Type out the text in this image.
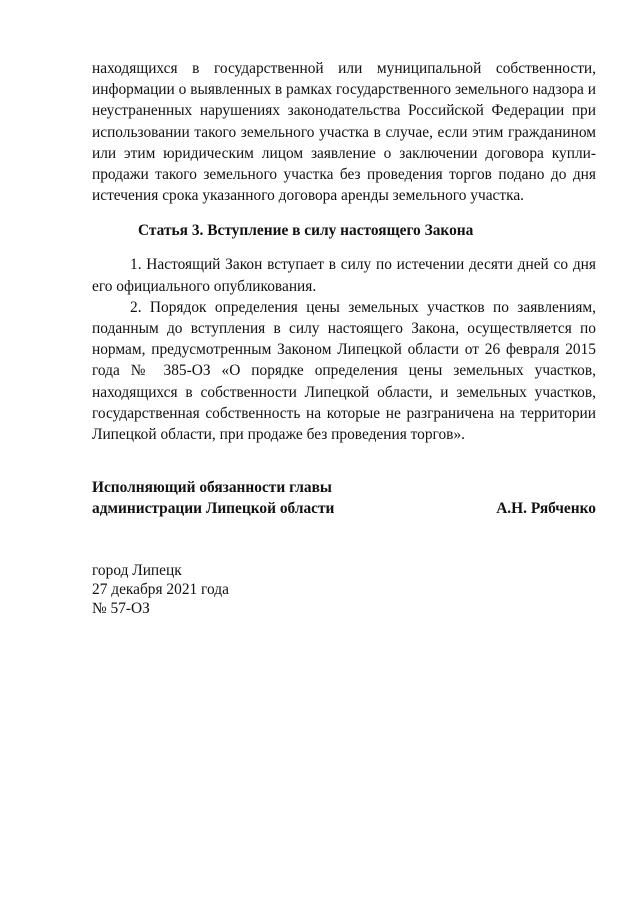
находящихся в государственной или муниципальной собственности, информации о выявленных в рамках государственного земельного надзора и неустраненных нарушениях законодательства Российской Федерации при использовании такого земельного участка в случае, если этим гражданином или этим юридическим лицом заявление о заключении договора купли-продажи такого земельного участка без проведения торгов подано до дня истечения срока указанного договора аренды земельного участка.

Статья 3. Вступление в силу настоящего Закона

1. Настоящий Закон вступает в силу по истечении десяти дней со дня его официального опубликования.

2. Порядок определения цены земельных участков по заявлениям, поданным до вступления в силу настоящего Закона, осуществляется по нормам, предусмотренным Законом Липецкой области от 26 февраля 2015 года № 385-ОЗ «О порядке определения цены земельных участков, находящихся в собственности Липецкой области, и земельных участков, государственная собственность на которые не разграничена на территории Липецкой области, при продаже без проведения торгов».

Исполняющий обязанности главы
администрации Липецкой области	А.Н. Рябченко
город Липецк
27 декабря 2021 года
№ 57-ОЗ
